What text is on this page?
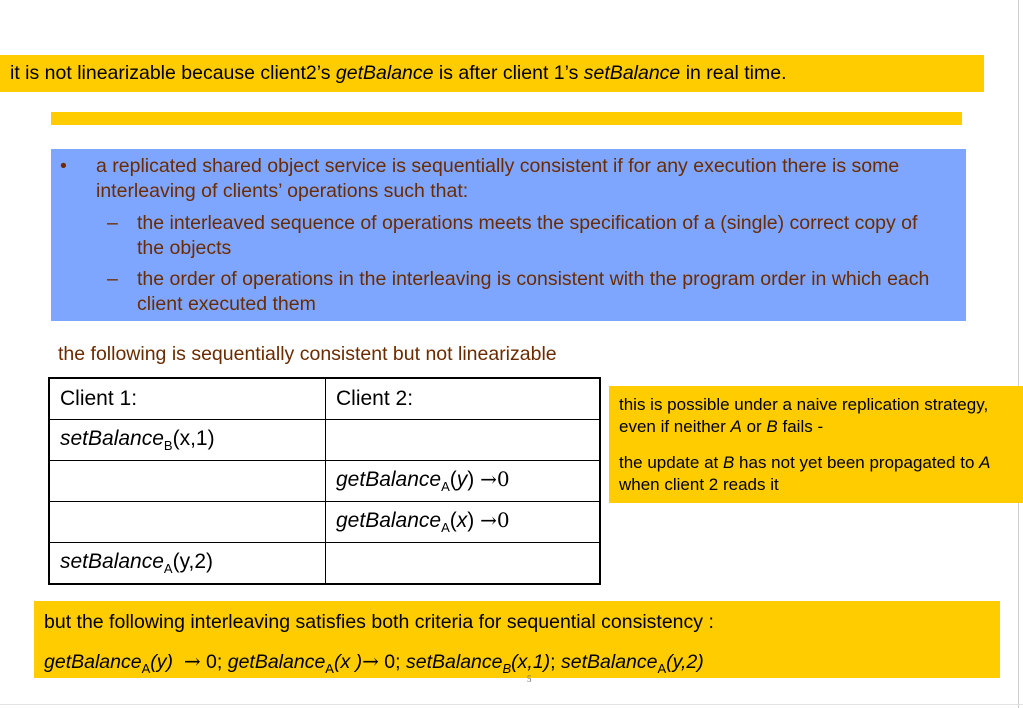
it is not linearizable because client2’s getBalance is after client 1’s setBalance in real time.
• a replicated shared object service is sequentially consistent if for any execution there is some interleaving of clients’ operations such that:
– the interleaved sequence of operations meets the specification of a (single) correct copy of the objects
– the order of operations in the interleaving is consistent with the program order in which each client executed them
the following is sequentially consistent but not linearizable
Client 1:	Client 2:
setBalance$_B$(x,1)	
	getBalance$_A$(y) →0
	getBalance$_A$(x) →0
setBalance$_A$(y,2)	

this is possible under a naive replication strategy, even if neither A or B fails -

the update at B has not yet been propagated to A when client 2 reads it

but the following interleaving satisfies both criteria for sequential consistency :
getBalance$_A$(y) → 0; getBalance$_A$(x )→ 0; setBalance$_B$(x,1); setBalance$_A$(y,2)
5
